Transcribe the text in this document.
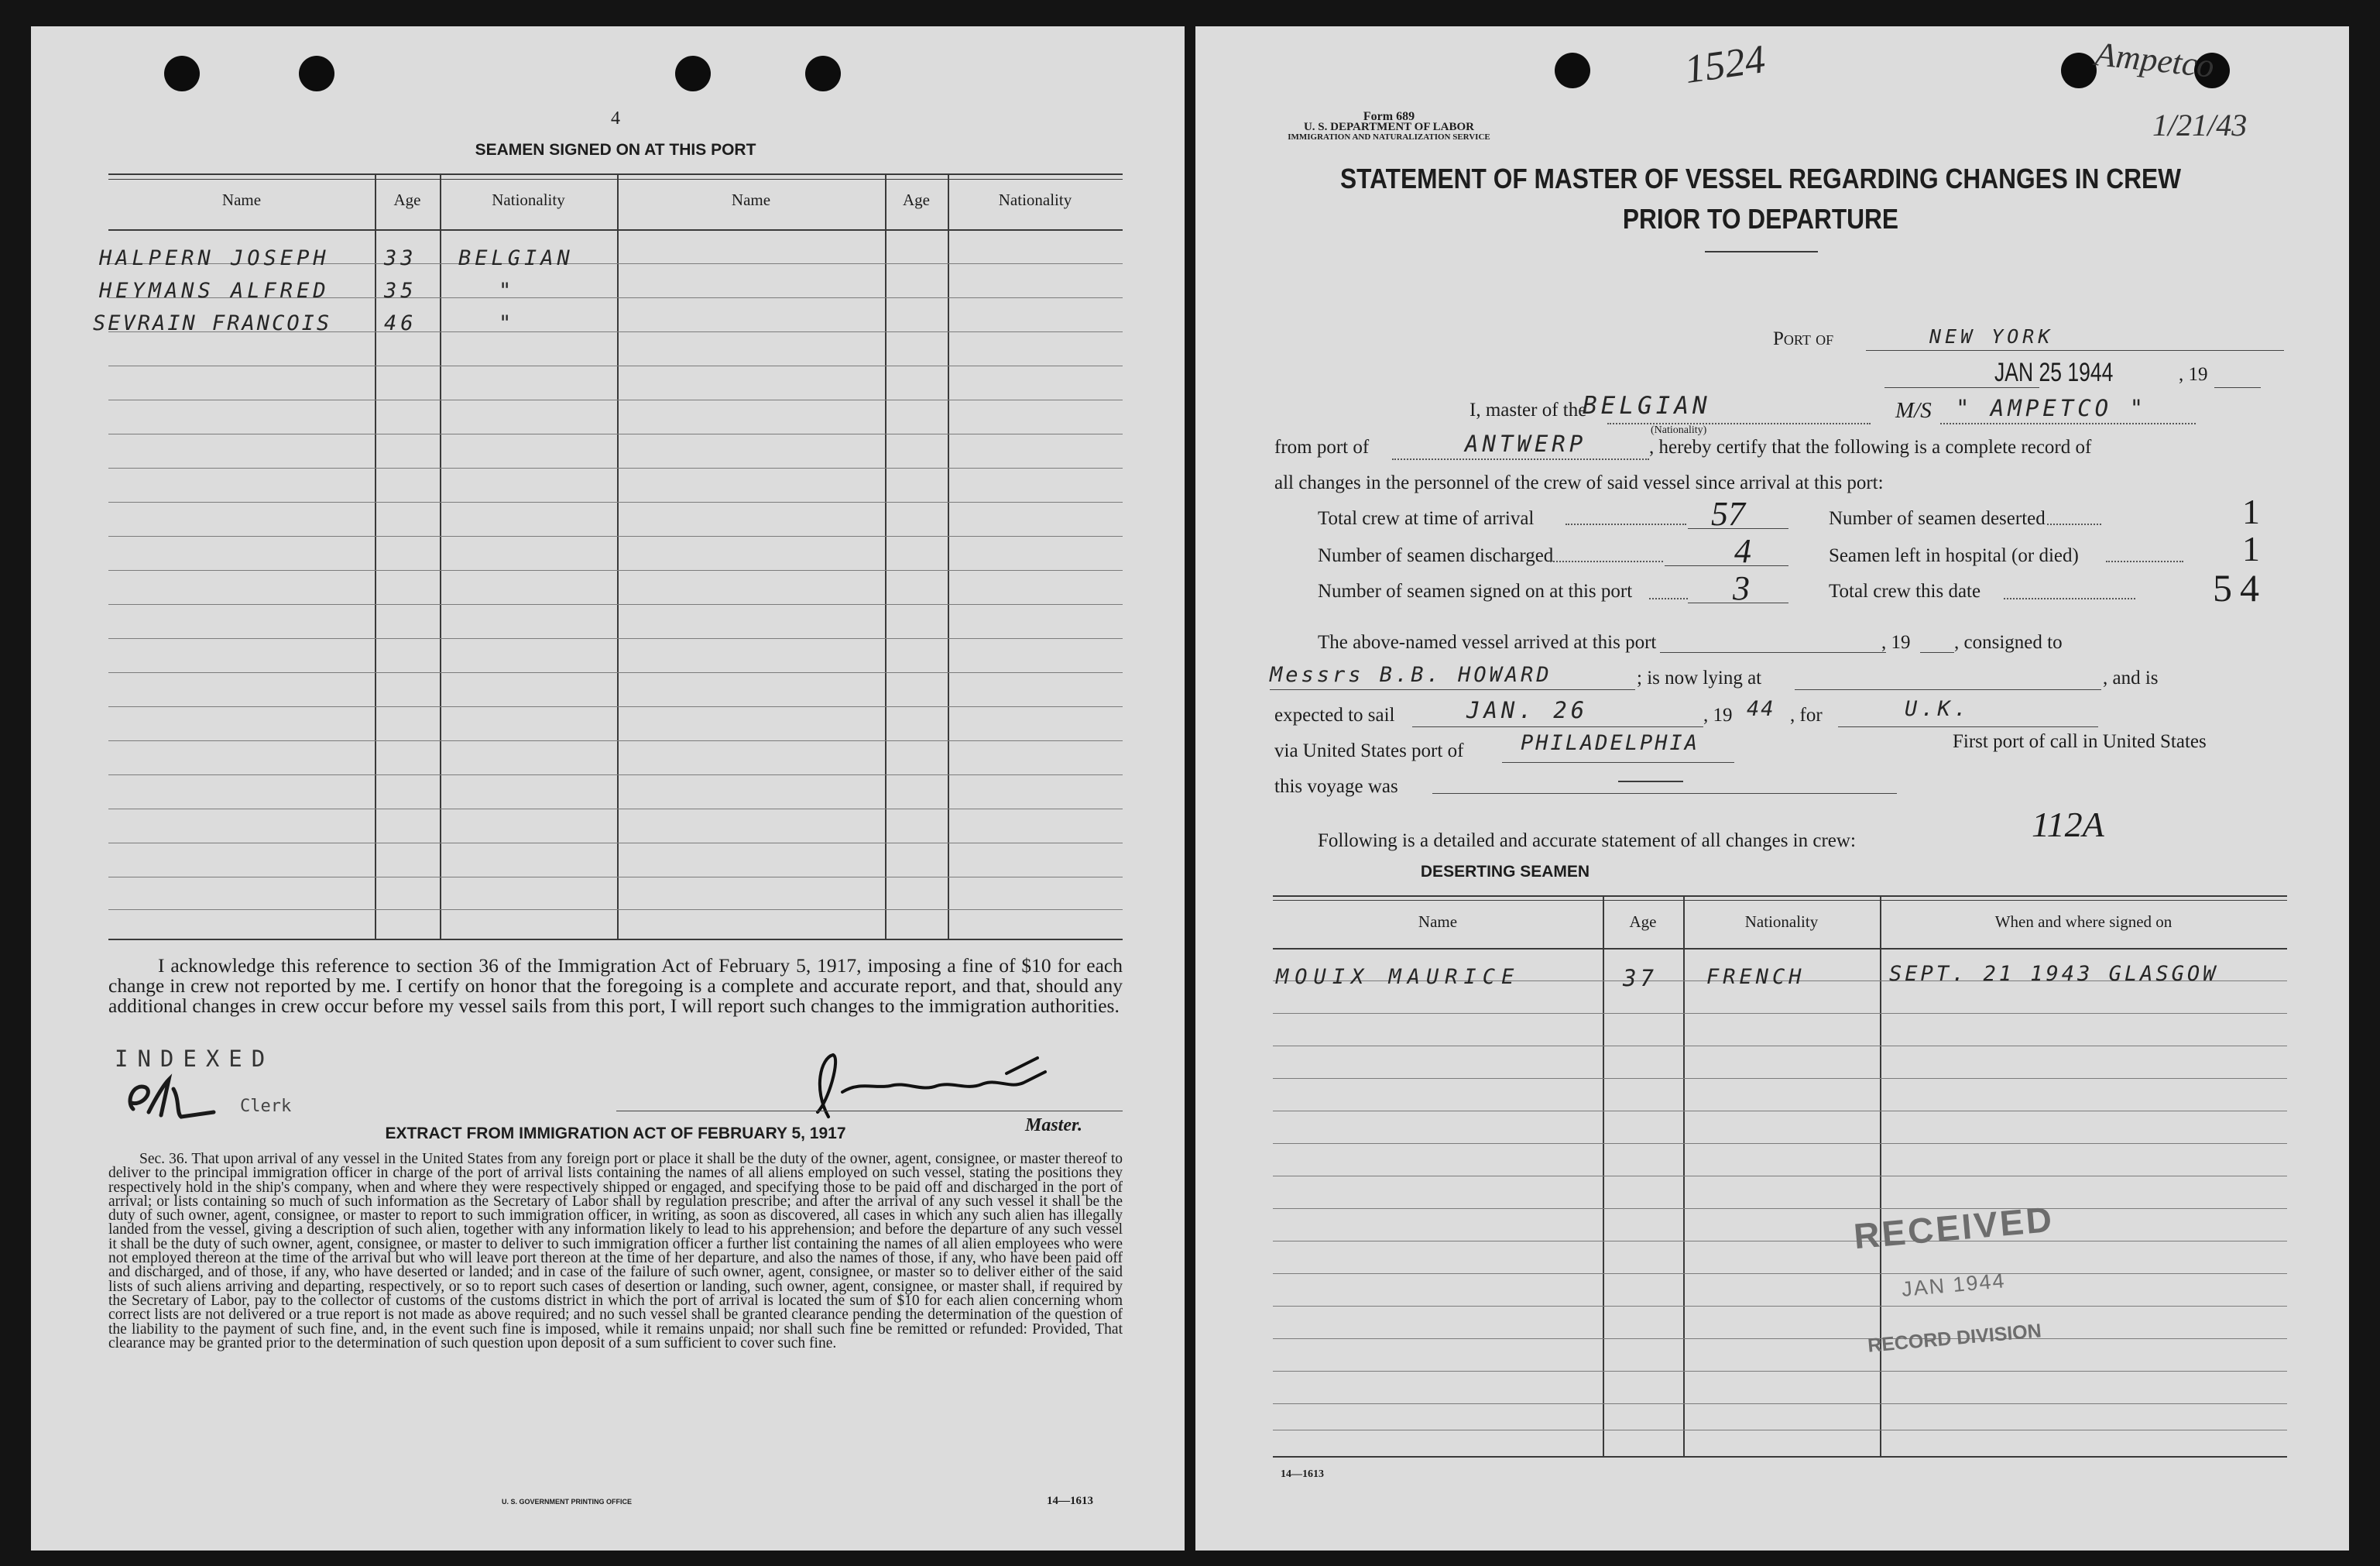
4
SEAMEN SIGNED ON AT THIS PORT
Name	Age	Nationality	Name	Age	Nationality
HALPERN JOSEPH	33 BELGIAN
HEYMANS ALFRED	35	"
SEVRAIN FRANCOIS	46	"
I acknowledge this reference to section 36 of the Immigration Act of February 5, 1917, imposing a fine of $10 for each change in crew not reported by me. I certify on honor that the foregoing is a complete and accurate report, and that, should any additional changes in crew occur before my vessel sails from this port, I will report such changes to the immigration authorities.
INDEXED
Clerk
Master.
EXTRACT FROM IMMIGRATION ACT OF FEBRUARY 5, 1917
Sec. 36. That upon arrival of any vessel in the United States from any foreign port or place it shall be the duty of the owner, agent, consignee, or master thereof to deliver to the principal immigration officer in charge of the port of arrival lists containing the names of all aliens employed on such vessel, stating the positions they respectively hold in the ship's company, when and where they were respectively shipped or engaged, and specifying those to be paid off and discharged in the port of arrival; or lists containing so much of such information as the Secretary of Labor shall by regulation prescribe; and after the arrival of any such vessel it shall be the duty of such owner, agent, consignee, or master to report to such immigration officer, in writing, as soon as discovered, all cases in which any such alien has illegally landed from the vessel, giving a description of such alien, together with any information likely to lead to his apprehension; and before the departure of any such vessel it shall be the duty of such owner, agent, consignee, or master to deliver to such immigration officer a further list containing the names of all alien employees who were not employed thereon at the time of the arrival but who will leave port thereon at the time of her departure, and also the names of those, if any, who have been paid off and discharged, and of those, if any, who have deserted or landed; and in case of the failure of such owner, agent, consignee, or master so to deliver either of the said lists of such aliens arriving and departing, respectively, or so to report such cases of desertion or landing, such owner, agent, consignee, or master shall, if required by the Secretary of Labor, pay to the collector of customs of the customs district in which the port of arrival is located the sum of $10 for each alien concerning whom correct lists are not delivered or a true report is not made as above required; and no such vessel shall be granted clearance pending the determination of the question of the liability to the payment of such fine, and, in the event such fine is imposed, while it remains unpaid; nor shall such fine be remitted or refunded: Provided, That clearance may be granted prior to the determination of such question upon deposit of a sum sufficient to cover such fine.
U. S. GOVERNMENT PRINTING OFFICE	14—1613
1524	Ampetco
1/21/43
Form 689
U. S. DEPARTMENT OF LABOR
IMMIGRATION AND NATURALIZATION SERVICE
STATEMENT OF MASTER OF VESSEL REGARDING CHANGES IN CREW
PRIOR TO DEPARTURE
Port of	NEW YORK
JAN 25 1944	, 19
I, master of the
BELGIAN
(Nationality)
M/S " AMPETCO "
from port of	ANTWERP	, hereby certify that the following is a complete record of
all changes in the personnel of the crew of said vessel since arrival at this port:
Total crew at time of arrival	57	Number of seamen deserted	1
Number of seamen discharged	4	Seamen left in hospital (or died)	1
Number of seamen signed on at this port	3	Total crew this date	54
The above-named vessel arrived at this port	, 19 , consigned to
Messrs B.B. HOWARD	; is now lying at	, and is
expected to sail	JAN. 26	, 19 44 , for	U.K.
via United States port of	PHILADELPHIA	First port of call in United States
this voyage was
Following is a detailed and accurate statement of all changes in crew:	112A
DESERTING SEAMEN
Name	Age	Nationality	When and where signed on
MOUIX MAURICE	37 FRENCH	SEPT. 21 1943 GLASGOW
RECEIVED
JAN 1944
RECORD DIVISION
14—1613
